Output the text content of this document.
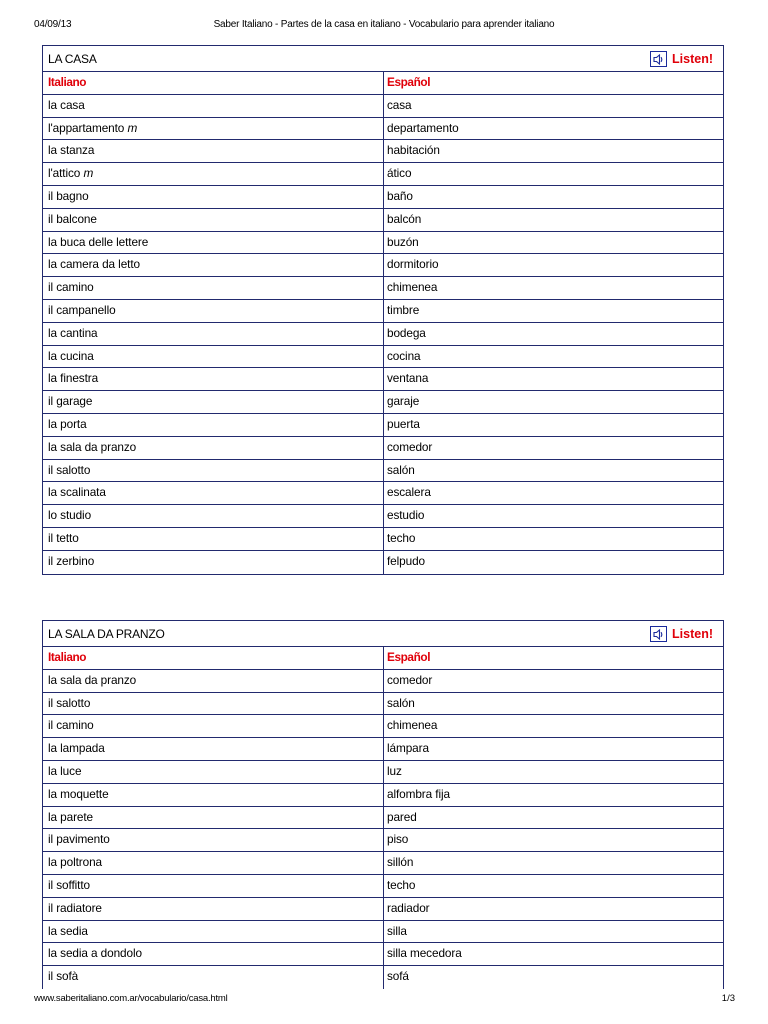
04/09/13	Saber Italiano - Partes de la casa en italiano - Vocabulario para aprender italiano
LA CASA	Listen!
Italiano	Español
la casa	casa
l'appartamento m	departamento
la stanza	habitación
l'attico m	ático
il bagno	baño
il balcone	balcón
la buca delle lettere	buzón
la camera da letto	dormitorio
il camino	chimenea
il campanello	timbre
la cantina	bodega
la cucina	cocina
la finestra	ventana
il garage	garaje
la porta	puerta
la sala da pranzo	comedor
il salotto	salón
la scalinata	escalera
lo studio	estudio
il tetto	techo
il zerbino	felpudo
LA SALA DA PRANZO	Listen!
Italiano	Español
la sala da pranzo	comedor
il salotto	salón
il camino	chimenea
la lampada	lámpara
la luce	luz
la moquette	alfombra fija
la parete	pared
il pavimento	piso
la poltrona	sillón
il soffitto	techo
il radiatore	radiador
la sedia	silla
la sedia a dondolo	silla mecedora
il sofà	sofá
www.saberitaliano.com.ar/vocabulario/casa.html	1/3
